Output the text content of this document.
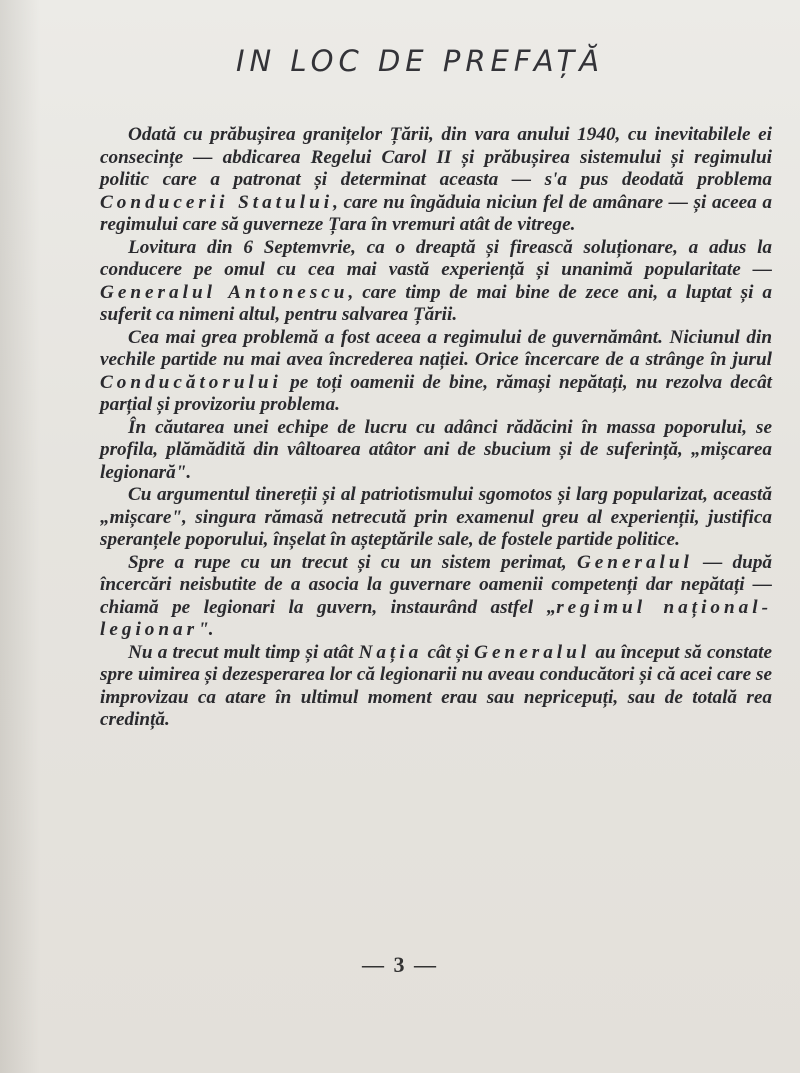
IN LOC DE PREFAȚĂ

Odată cu prăbușirea granițelor Țării, din vara anului 1940, cu inevitabilele ei consecințe — abdicarea Regelui Carol II și prăbușirea sistemului și regimului politic care a patronat și determinat aceasta — s'a pus deodată problema Conducerii Statului, care nu îngăduia niciun fel de amânare — și aceea a regimului care să guverneze Țara în vremuri atât de vitrege.

Lovitura din 6 Septemvrie, ca o dreaptă și firească soluționare, a adus la conducere pe omul cu cea mai vastă experiență și unanimă popularitate — Generalul Antonescu, care timp de mai bine de zece ani, a luptat și a suferit ca nimeni altul, pentru salvarea Țării.

Cea mai grea problemă a fost aceea a regimului de guvernământ. Niciunul din vechile partide nu mai avea încrederea nației. Orice încercare de a strânge în jurul Conducătorului pe toți oamenii de bine, rămași nepătați, nu rezolva decât parțial și provizoriu problema.

În căutarea unei echipe de lucru cu adânci rădăcini în massa poporului, se profila, plămădită din vâltoarea atâtor ani de sbucium și de suferință, „mișcarea legionară".

Cu argumentul tinereții și al patriotismului sgomotos și larg popularizat, această „mișcare", singura rămasă netrecută prin examenul greu al experienții, justifica speranțele poporului, înșelat în așteptările sale, de fostele partide politice.

Spre a rupe cu un trecut și cu un sistem perimat, Generalul — după încercări neisbutite de a asocia la guvernare oamenii competenți dar nepătați — chiamă pe legionari la guvern, instaurând astfel „regimul național-legionar".

Nu a trecut mult timp și atât Nația cât și Generalul au început să constate spre uimirea și dezesperarea lor că legionarii nu aveau conducători și că acei care se improvizau ca atare în ultimul moment erau sau nepricepuți, sau de totală rea credință.

— 3 —
